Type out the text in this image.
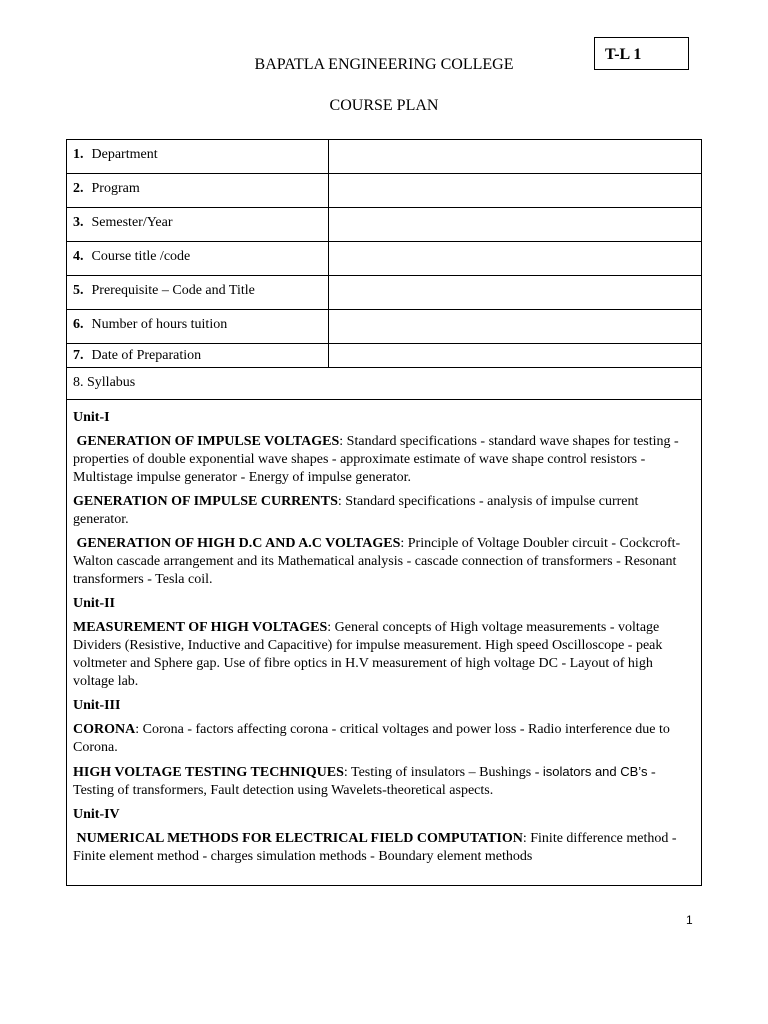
T-L 1
BAPATLA ENGINEERING COLLEGE
COURSE PLAN
1. Department
2. Program
3. Semester/Year
4. Course title /code
5. Prerequisite – Code and Title
6. Number of hours tuition
7. Date of Preparation
8. Syllabus

Unit-I

GENERATION OF IMPULSE VOLTAGES: Standard specifications - standard wave shapes for testing - properties of double exponential wave shapes - approximate estimate of wave shape control resistors - Multistage impulse generator - Energy of impulse generator.

GENERATION OF IMPULSE CURRENTS: Standard specifications - analysis of impulse current generator.

GENERATION OF HIGH D.C AND A.C VOLTAGES: Principle of Voltage Doubler circuit - Cockcroft-Walton cascade arrangement and its Mathematical analysis - cascade connection of transformers - Resonant transformers - Tesla coil.

Unit-II

MEASUREMENT OF HIGH VOLTAGES: General concepts of High voltage measurements - voltage Dividers (Resistive, Inductive and Capacitive) for impulse measurement. High speed Oscilloscope - peak voltmeter and Sphere gap. Use of fibre optics in H.V measurement of high voltage DC - Layout of high voltage lab.

Unit-III

CORONA: Corona - factors affecting corona - critical voltages and power loss - Radio interference due to Corona.

HIGH VOLTAGE TESTING TECHNIQUES: Testing of insulators – Bushings - isolators and CB’s - Testing of transformers, Fault detection using Wavelets-theoretical aspects.

Unit-IV

NUMERICAL METHODS FOR ELECTRICAL FIELD COMPUTATION: Finite difference method - Finite element method - charges simulation methods - Boundary element methods

1
